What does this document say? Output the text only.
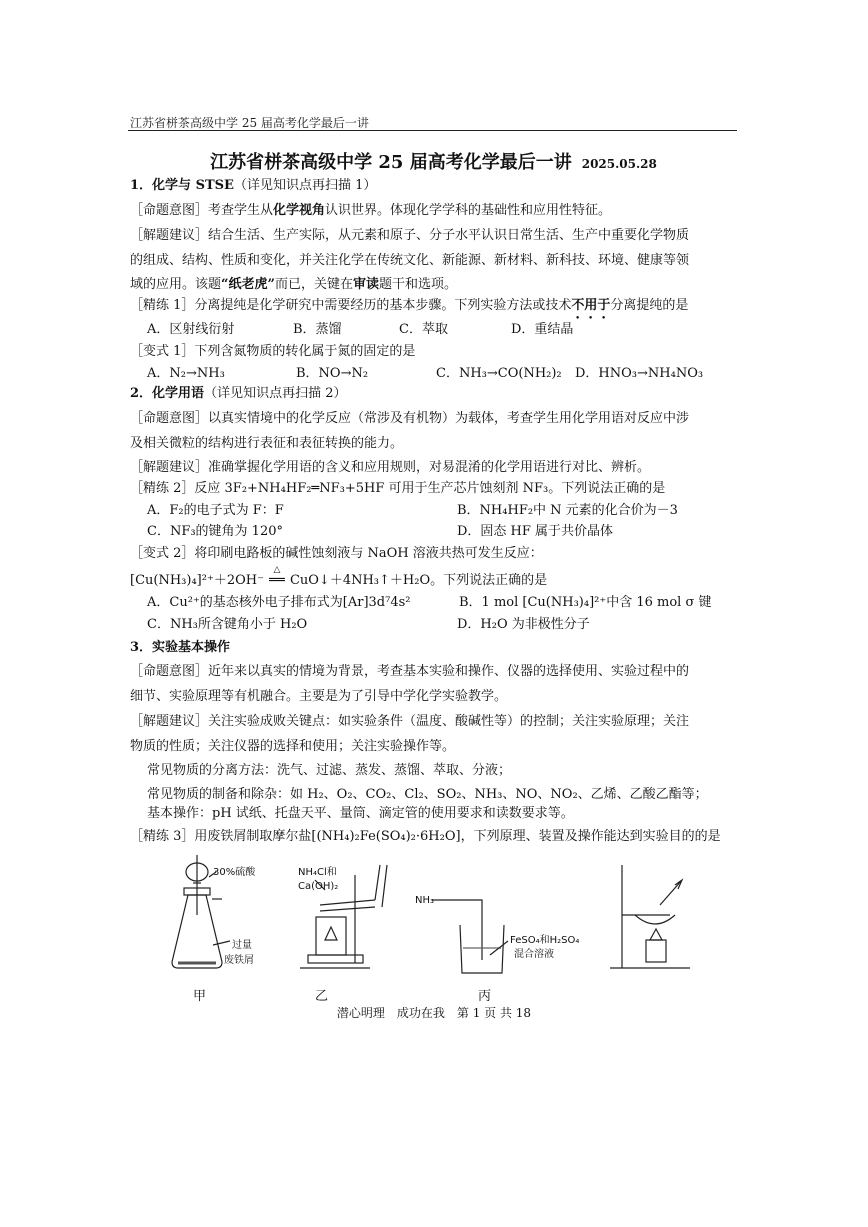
江苏省栟茶高级中学 25 届高考化学最后一讲
江苏省栟茶高级中学 25 届高考化学最后一讲 2025.05.28
1．化学与 STSE（详见知识点再扫描 1）
［命题意图］考查学生从化学视角认识世界。体现化学学科的基础性和应用性特征。
［解题建议］结合生活、生产实际，从元素和原子、分子水平认识日常生活、生产中重要化学物质
的组成、结构、性质和变化，并关注化学在传统文化、新能源、新材料、新科技、环境、健康等领
域的应用。该题“纸老虎”而已，关键在审读题干和选项。
［精练 1］分离提纯是化学研究中需要经历的基本步骤。下列实验方法或技术不用于分离提纯的是
A．区射线衍射	B．蒸馏	C．萃取	D．重结晶
［变式 1］下列含氮物质的转化属于氮的固定的是
A．N₂→NH₃	B．NO→N₂	C．NH₃→CO(NH₂)₂ D．HNO₃→NH₄NO₃
2．化学用语（详见知识点再扫描 2）
［命题意图］以真实情境中的化学反应（常涉及有机物）为载体，考查学生用化学用语对反应中涉
及相关微粒的结构进行表征和表征转换的能力。
［解题建议］准确掌握化学用语的含义和应用规则，对易混淆的化学用语进行对比、辨析。
［精练 2］反应 3F₂+NH₄HF₂═NF₃+5HF 可用于生产芯片蚀刻剂 NF₃。下列说法正确的是
A．F₂的电子式为 F：F	B．NH₄HF₂中 N 元素的化合价为－3
C．NF₃的键角为 120°	D．固态 HF 属于共价晶体
［变式 2］将印刷电路板的碱性蚀刻液与 NaOH 溶液共热可发生反应：
[Cu(NH₃)₄]²⁺＋2OH⁻
△
══ CuO↓＋4NH₃↑＋H₂O。下列说法正确的是
A．Cu²⁺的基态核外电子排布式为[Ar]3d⁷4s²	B．1 mol [Cu(NH₃)₄]²⁺中含 16 mol σ 键
C．NH₃所含键角小于 H₂O	D．H₂O 为非极性分子
3．实验基本操作
［命题意图］近年来以真实的情境为背景，考查基本实验和操作、仪器的选择使用、实验过程中的
细节、实验原理等有机融合。主要是为了引导中学化学实验教学。
［解题建议］关注实验成败关键点：如实验条件（温度、酸碱性等）的控制；关注实验原理；关注
物质的性质；关注仪器的选择和使用；关注实验操作等。
常见物质的分离方法：洗气、过滤、蒸发、蒸馏、萃取、分液；
常见物质的制备和除杂：如 H₂、O₂、CO₂、Cl₂、SO₂、NH₃、NO、NO₂、乙烯、乙酸乙酯等；
基本操作：pH 试纸、托盘天平、量筒、滴定管的使用要求和读数要求等。
［精练 3］用废铁屑制取摩尔盐[(NH₄)₂Fe(SO₄)₂·6H₂O]，下列原理、装置及操作能达到实验目的的是
30%硫酸
过量
废铁屑
NH₄Cl和
Ca(OH)₂
NH₃
FeSO₄和H₂SO₄
混合溶液
甲	乙	丙
潜心明理　成功在我　第 1 页 共 18
